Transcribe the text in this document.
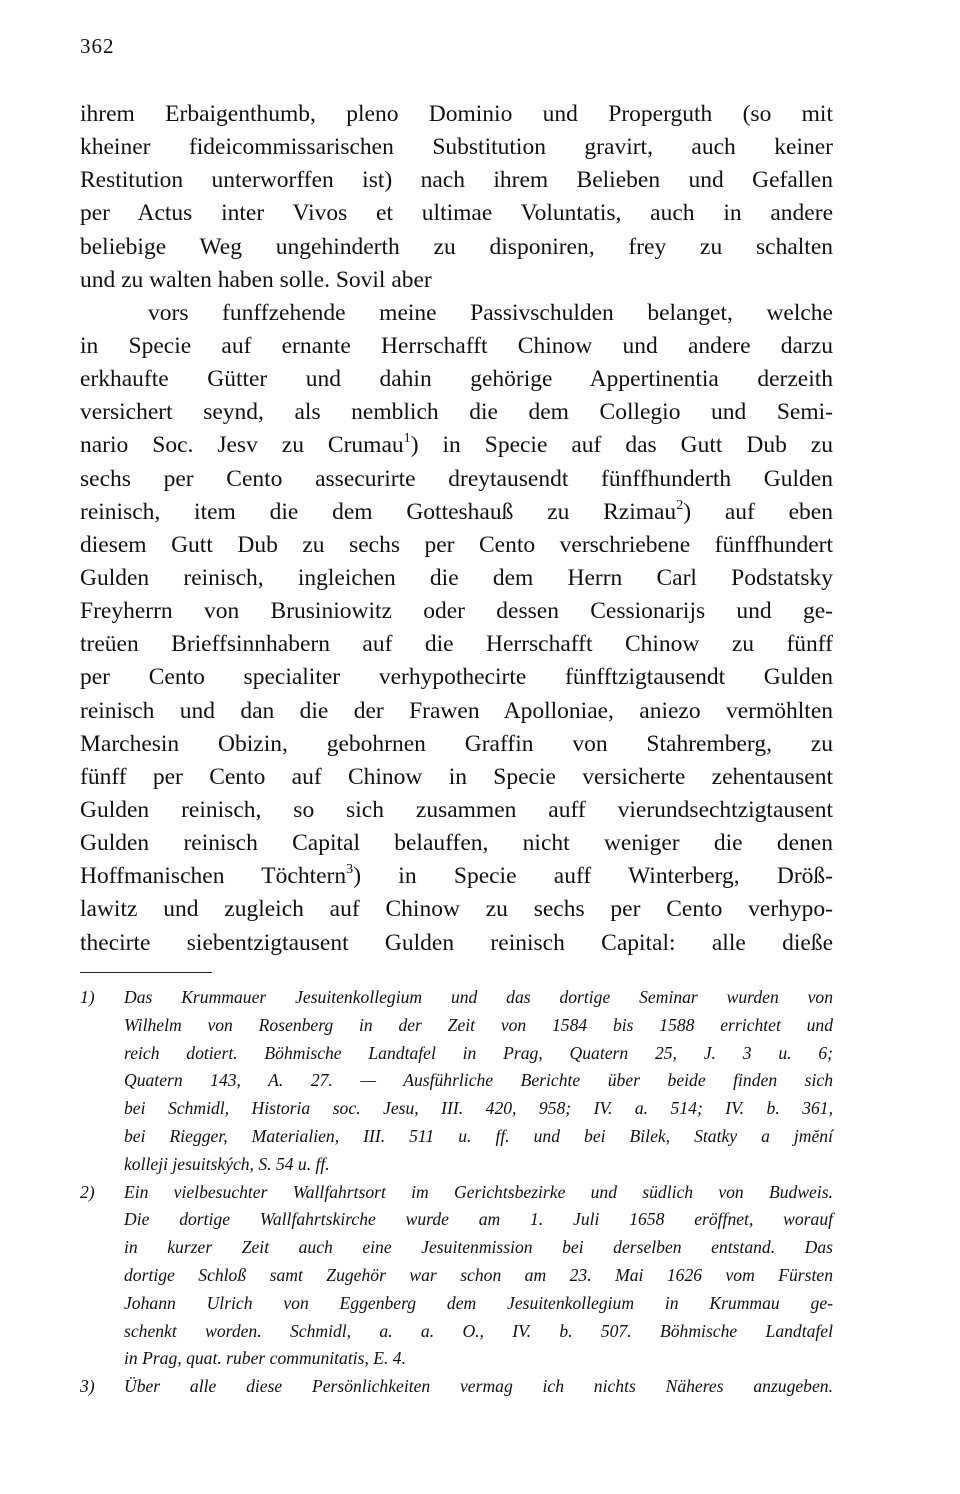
362
ihrem Erbaigenthumb, pleno Dominio und Properguth (so mit
kheiner fideicommissarischen Substitution gravirt, auch keiner
Restitution unterworffen ist) nach ihrem Belieben und Gefallen
per Actus inter Vivos et ultimae Voluntatis, auch in andere
beliebige Weg ungehinderth zu disponiren, frey zu schalten
und zu walten haben solle. Sovil aber
vors funffzehende meine Passivschulden belanget, welche
in Specie auf ernante Herrschafft Chinow und andere darzu
erkhaufte Gütter und dahin gehörige Appertinentia derzeith
versichert seynd, als nemblich die dem Collegio und Semi-
nario Soc. Jesv zu Crumau$^1$) in Specie auf das Gutt Dub zu
sechs per Cento assecurirte dreytausendt fünffhunderth Gulden
reinisch, item die dem Gotteshauß zu Rzimau$^2$) auf eben
diesem Gutt Dub zu sechs per Cento verschriebene fünffhundert
Gulden reinisch, ingleichen die dem Herrn Carl Podstatsky
Freyherrn von Brusiniowitz oder dessen Cessionarijs und ge-
treüen Brieffsinnhabern auf die Herrschafft Chinow zu fünff
per Cento specialiter verhypothecirte fünfftzigtausendt Gulden
reinisch und dan die der Frawen Apolloniae, aniezo vermöhlten
Marchesin Obizin, gebohrnen Graffin von Stahremberg, zu
fünff per Cento auf Chinow in Specie versicherte zehentausent
Gulden reinisch, so sich zusammen auff vierundsechtzigtausent
Gulden reinisch Capital belauffen, nicht weniger die denen
Hoffmanischen Töchtern$^3$) in Specie auff Winterberg, Dröß-
lawitz und zugleich auf Chinow zu sechs per Cento verhypo-
thecirte siebentzigtausent Gulden reinisch Capital: alle dieße
1) Das Krummauer Jesuitenkollegium und das dortige Seminar wurden von
Wilhelm von Rosenberg in der Zeit von 1584 bis 1588 errichtet und
reich dotiert. Böhmische Landtafel in Prag, Quatern 25, J. 3 u. 6;
Quatern 143, A. 27. — Ausführliche Berichte über beide finden sich
bei Schmidl, Historia soc. Jesu, III. 420, 958; IV. a. 514; IV. b. 361,
bei Riegger, Materialien, III. 511 u. ff. und bei Bilek, Statky a jmĕní
kolleji jesuitských, S. 54 u. ff.
2) Ein vielbesuchter Wallfahrtsort im Gerichtsbezirke und südlich von Budweis.
Die dortige Wallfahrtskirche wurde am 1. Juli 1658 eröffnet, worauf
in kurzer Zeit auch eine Jesuitenmission bei derselben entstand. Das
dortige Schloß samt Zugehör war schon am 23. Mai 1626 vom Fürsten
Johann Ulrich von Eggenberg dem Jesuitenkollegium in Krummau ge-
schenkt worden. Schmidl, a. a. O., IV. b. 507. Böhmische Landtafel
in Prag, quat. ruber communitatis, E. 4.
3) Über alle diese Persönlichkeiten vermag ich nichts Näheres anzugeben.
